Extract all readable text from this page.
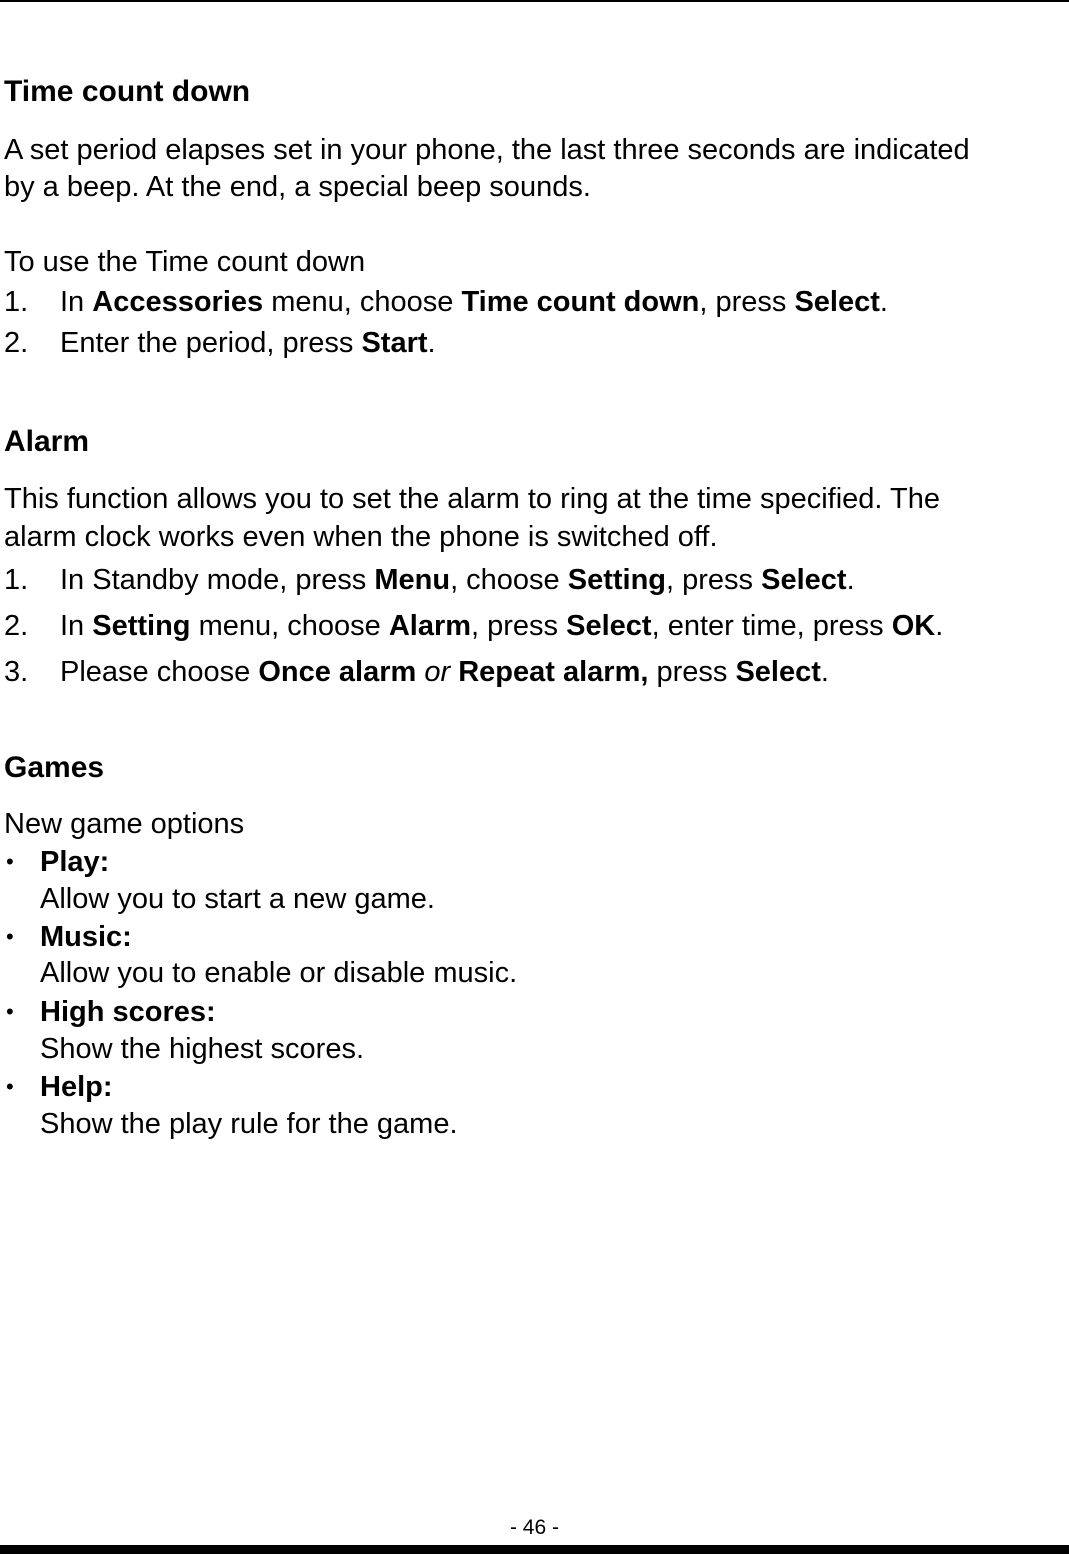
Time count down
A set period elapses set in your phone, the last three seconds are indicated
by a beep. At the end, a special beep sounds.
To use the Time count down
1. In Accessories menu, choose Time count down, press Select.
2. Enter the period, press Start.
Alarm
This function allows you to set the alarm to ring at the time specified. The
alarm clock works even when the phone is switched off.
1. In Standby mode, press Menu, choose Setting, press Select.
2. In Setting menu, choose Alarm, press Select, enter time, press OK.
3. Please choose Once alarm or Repeat alarm, press Select.
Games
New game options
• Play:
Allow you to start a new game.
• Music:
Allow you to enable or disable music.
• High scores:
Show the highest scores.
• Help:
Show the play rule for the game.
- 46 -
